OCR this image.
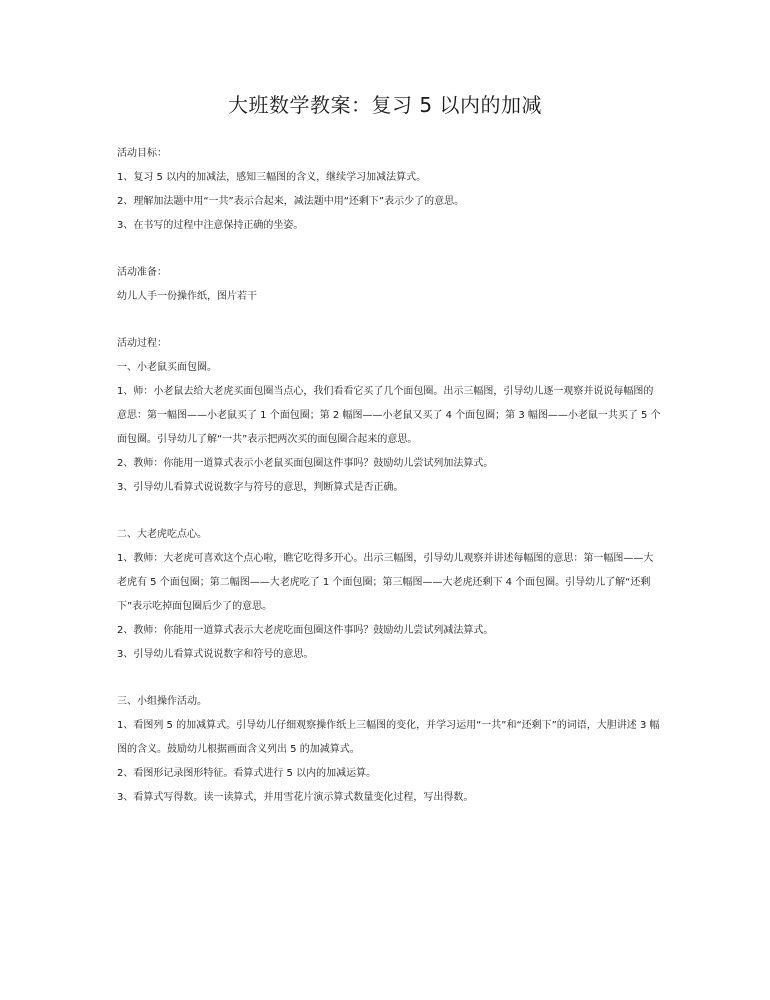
大班数学教案：复习 5 以内的加减

活动目标：

1、复习 5 以内的加减法，感知三幅图的含义，继续学习加减法算式。

2、理解加法题中用“一共”表示合起来，减法题中用“还剩下”表示少了的意思。

3、在书写的过程中注意保持正确的坐姿。

活动准备：

幼儿人手一份操作纸，图片若干

活动过程：

一、小老鼠买面包圈。

1、师：小老鼠去给大老虎买面包圈当点心，我们看看它买了几个面包圈。出示三幅图，引导幼儿逐一观察并说说每幅图的意思：第一幅图——小老鼠买了 1 个面包圈；第 2 幅图——小老鼠又买了 4 个面包圈；第 3 幅图——小老鼠一共买了 5 个面包圈。引导幼儿了解“一共”表示把两次买的面包圈合起来的意思。

2、教师：你能用一道算式表示小老鼠买面包圈这件事吗？鼓励幼儿尝试列加法算式。

3、引导幼儿看算式说说数字与符号的意思，判断算式是否正确。

二、大老虎吃点心。

1、教师：大老虎可喜欢这个点心啦，瞧它吃得多开心。出示三幅图，引导幼儿观察并讲述每幅图的意思：第一幅图——大老虎有 5 个面包圈；第二幅图——大老虎吃了 1 个面包圈；第三幅图——大老虎还剩下 4 个面包圈。引导幼儿了解“还剩下”表示吃掉面包圈后少了的意思。

2、教师：你能用一道算式表示大老虎吃面包圈这件事吗？鼓励幼儿尝试列减法算式。

3、引导幼儿看算式说说数字和符号的意思。

三、小组操作活动。

1、看图列 5 的加减算式。引导幼儿仔细观察操作纸上三幅图的变化，并学习运用“一共”和“还剩下”的词语，大胆讲述 3 幅图的含义。鼓励幼儿根据画面含义列出 5 的加减算式。

2、看图形记录图形特征。看算式进行 5 以内的加减运算。

3、看算式写得数。读一读算式，并用雪花片演示算式数量变化过程，写出得数。
